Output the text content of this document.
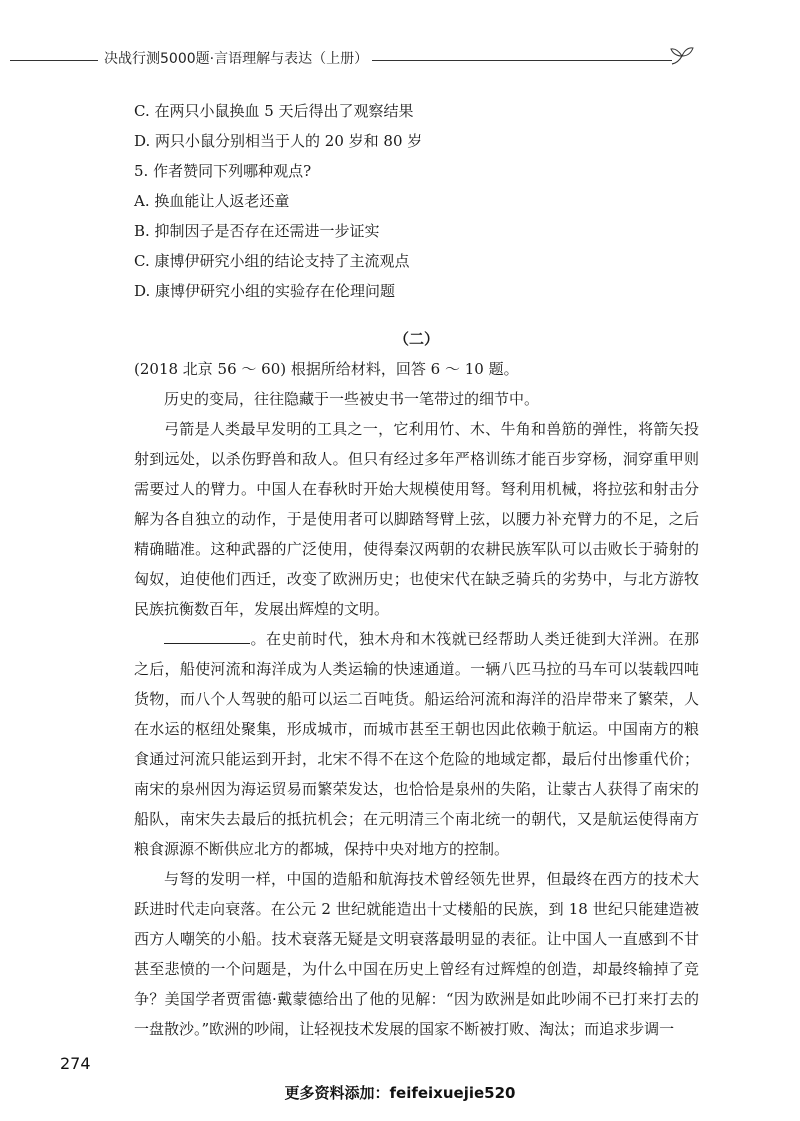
决战行测5000题·言语理解与表达（上册）

C. 在两只小鼠换血 5 天后得出了观察结果

D. 两只小鼠分别相当于人的 20 岁和 80 岁

5. 作者赞同下列哪种观点?

A. 换血能让人返老还童

B. 抑制因子是否存在还需进一步证实

C. 康博伊研究小组的结论支持了主流观点

D. 康博伊研究小组的实验存在伦理问题

（二）

(2018 北京 56 ～ 60) 根据所给材料，回答 6 ～ 10 题。

历史的变局，往往隐藏于一些被史书一笔带过的细节中。

弓箭是人类最早发明的工具之一，它利用竹、木、牛角和兽筋的弹性，将箭矢投射到远处，以杀伤野兽和敌人。但只有经过多年严格训练才能百步穿杨，洞穿重甲则需要过人的臂力。中国人在春秋时开始大规模使用弩。弩利用机械，将拉弦和射击分解为各自独立的动作，于是使用者可以脚踏弩臂上弦，以腰力补充臂力的不足，之后精确瞄准。这种武器的广泛使用，使得秦汉两朝的农耕民族军队可以击败长于骑射的匈奴，迫使他们西迁，改变了欧洲历史；也使宋代在缺乏骑兵的劣势中，与北方游牧民族抗衡数百年，发展出辉煌的文明。

。在史前时代，独木舟和木筏就已经帮助人类迁徙到大洋洲。在那之后，船使河流和海洋成为人类运输的快速通道。一辆八匹马拉的马车可以装载四吨货物，而八个人驾驶的船可以运二百吨货。船运给河流和海洋的沿岸带来了繁荣，人在水运的枢纽处聚集，形成城市，而城市甚至王朝也因此依赖于航运。中国南方的粮食通过河流只能运到开封，北宋不得不在这个危险的地域定都，最后付出惨重代价；南宋的泉州因为海运贸易而繁荣发达，也恰恰是泉州的失陷，让蒙古人获得了南宋的船队，南宋失去最后的抵抗机会；在元明清三个南北统一的朝代，又是航运使得南方粮食源源不断供应北方的都城，保持中央对地方的控制。

与弩的发明一样，中国的造船和航海技术曾经领先世界，但最终在西方的技术大跃进时代走向衰落。在公元 2 世纪就能造出十丈楼船的民族，到 18 世纪只能建造被西方人嘲笑的小船。技术衰落无疑是文明衰落最明显的表征。让中国人一直感到不甘甚至悲愤的一个问题是，为什么中国在历史上曾经有过辉煌的创造，却最终输掉了竞争？美国学者贾雷德·戴蒙德给出了他的见解：“因为欧洲是如此吵闹不已打来打去的一盘散沙。”欧洲的吵闹，让轻视技术发展的国家不断被打败、淘汰；而追求步调一

274
更多资料添加：feifeixuejie520
